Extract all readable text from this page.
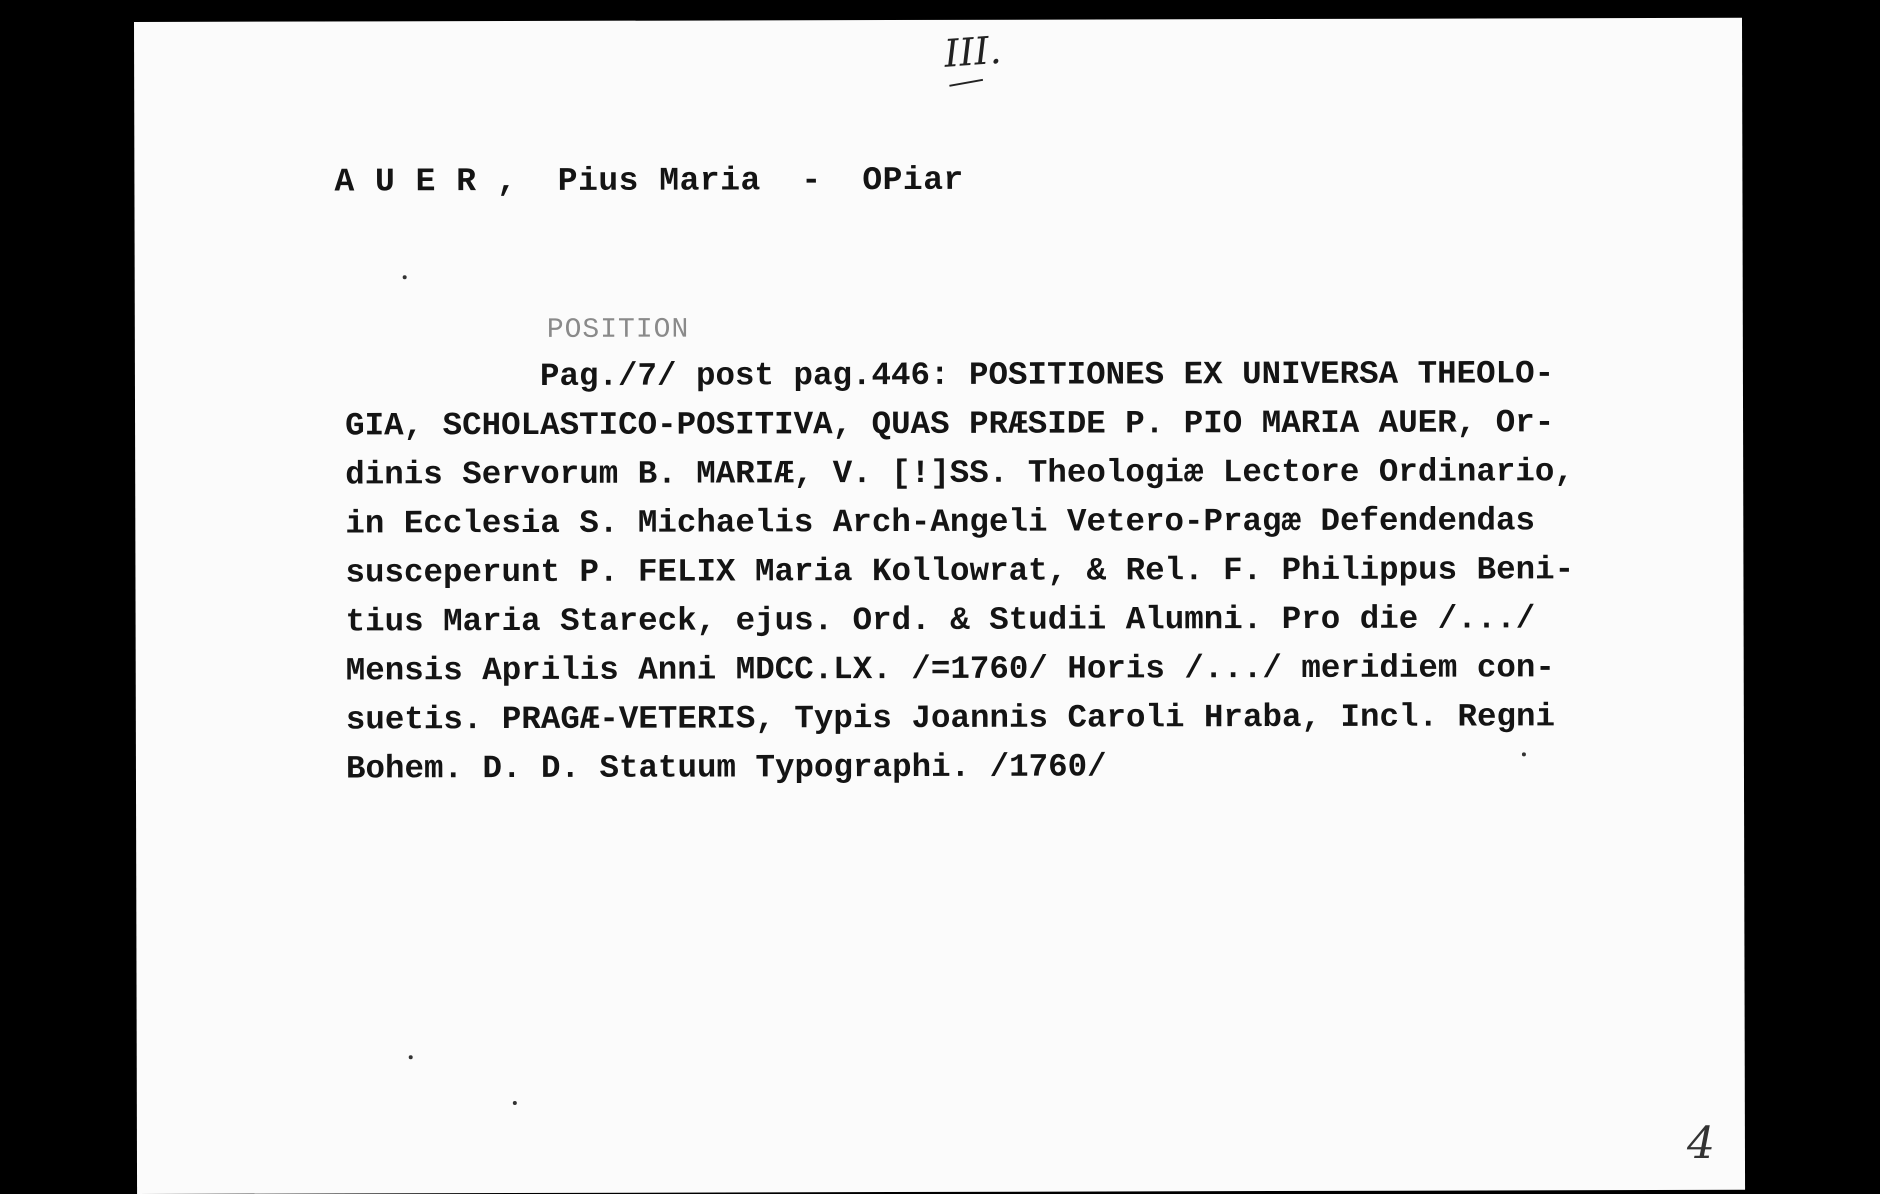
III.
A U E R ,  Pius Maria  -  OPiar
POSITION
Pag./7/ post pag.446: POSITIONES EX UNIVERSA THEOLO-
GIA, SCHOLASTICO-POSITIVA, QUAS PRÆSIDE P. PIO MARIA AUER, Or-
dinis Servorum B. MARIÆ, V. [!]SS. Theologiæ Lectore Ordinario,
in Ecclesia S. Michaelis Arch-Angeli Vetero-Pragæ Defendendas
susceperunt P. FELIX Maria Kollowrat, & Rel. F. Philippus Beni-
tius Maria Stareck, ejus. Ord. & Studii Alumni. Pro die /.../
Mensis Aprilis Anni MDCC.LX. /=1760/ Horis /.../ meridiem con-
suetis. PRAGÆ-VETERIS, Typis Joannis Caroli Hraba, Incl. Regni
Bohem. D. D. Statuum Typographi. /1760/
4
